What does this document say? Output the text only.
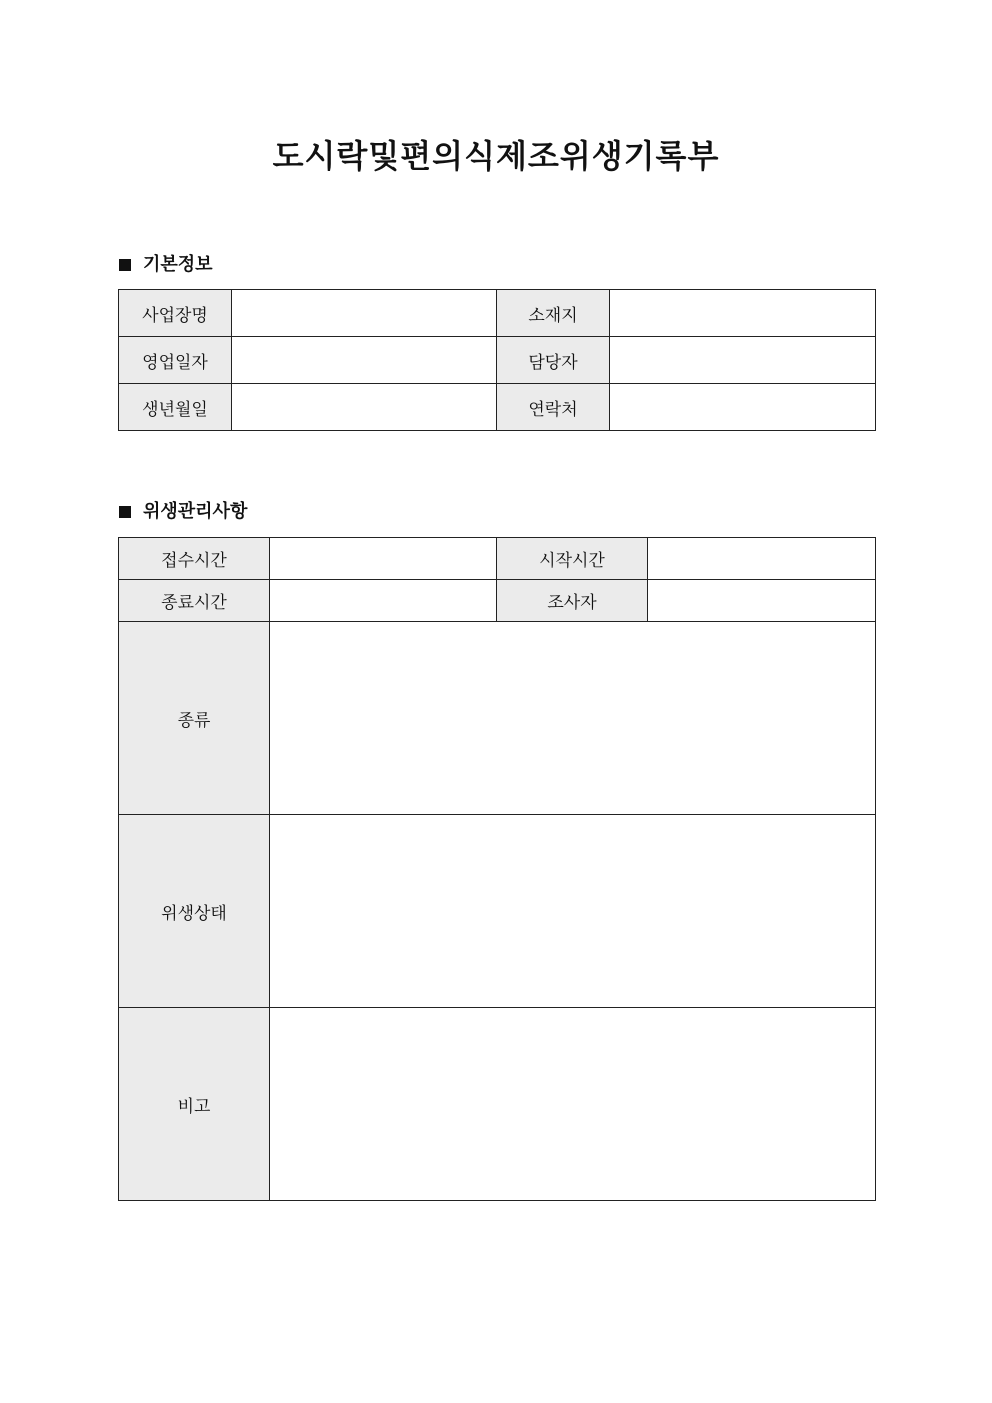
도시락및편의식제조위생기록부
기본정보
사업장명		소재지	
영업일자		담당자	
생년월일		연락처	
위생관리사항
접수시간		시작시간	
종료시간		조사자	
종류			
위생상태			
비고			
